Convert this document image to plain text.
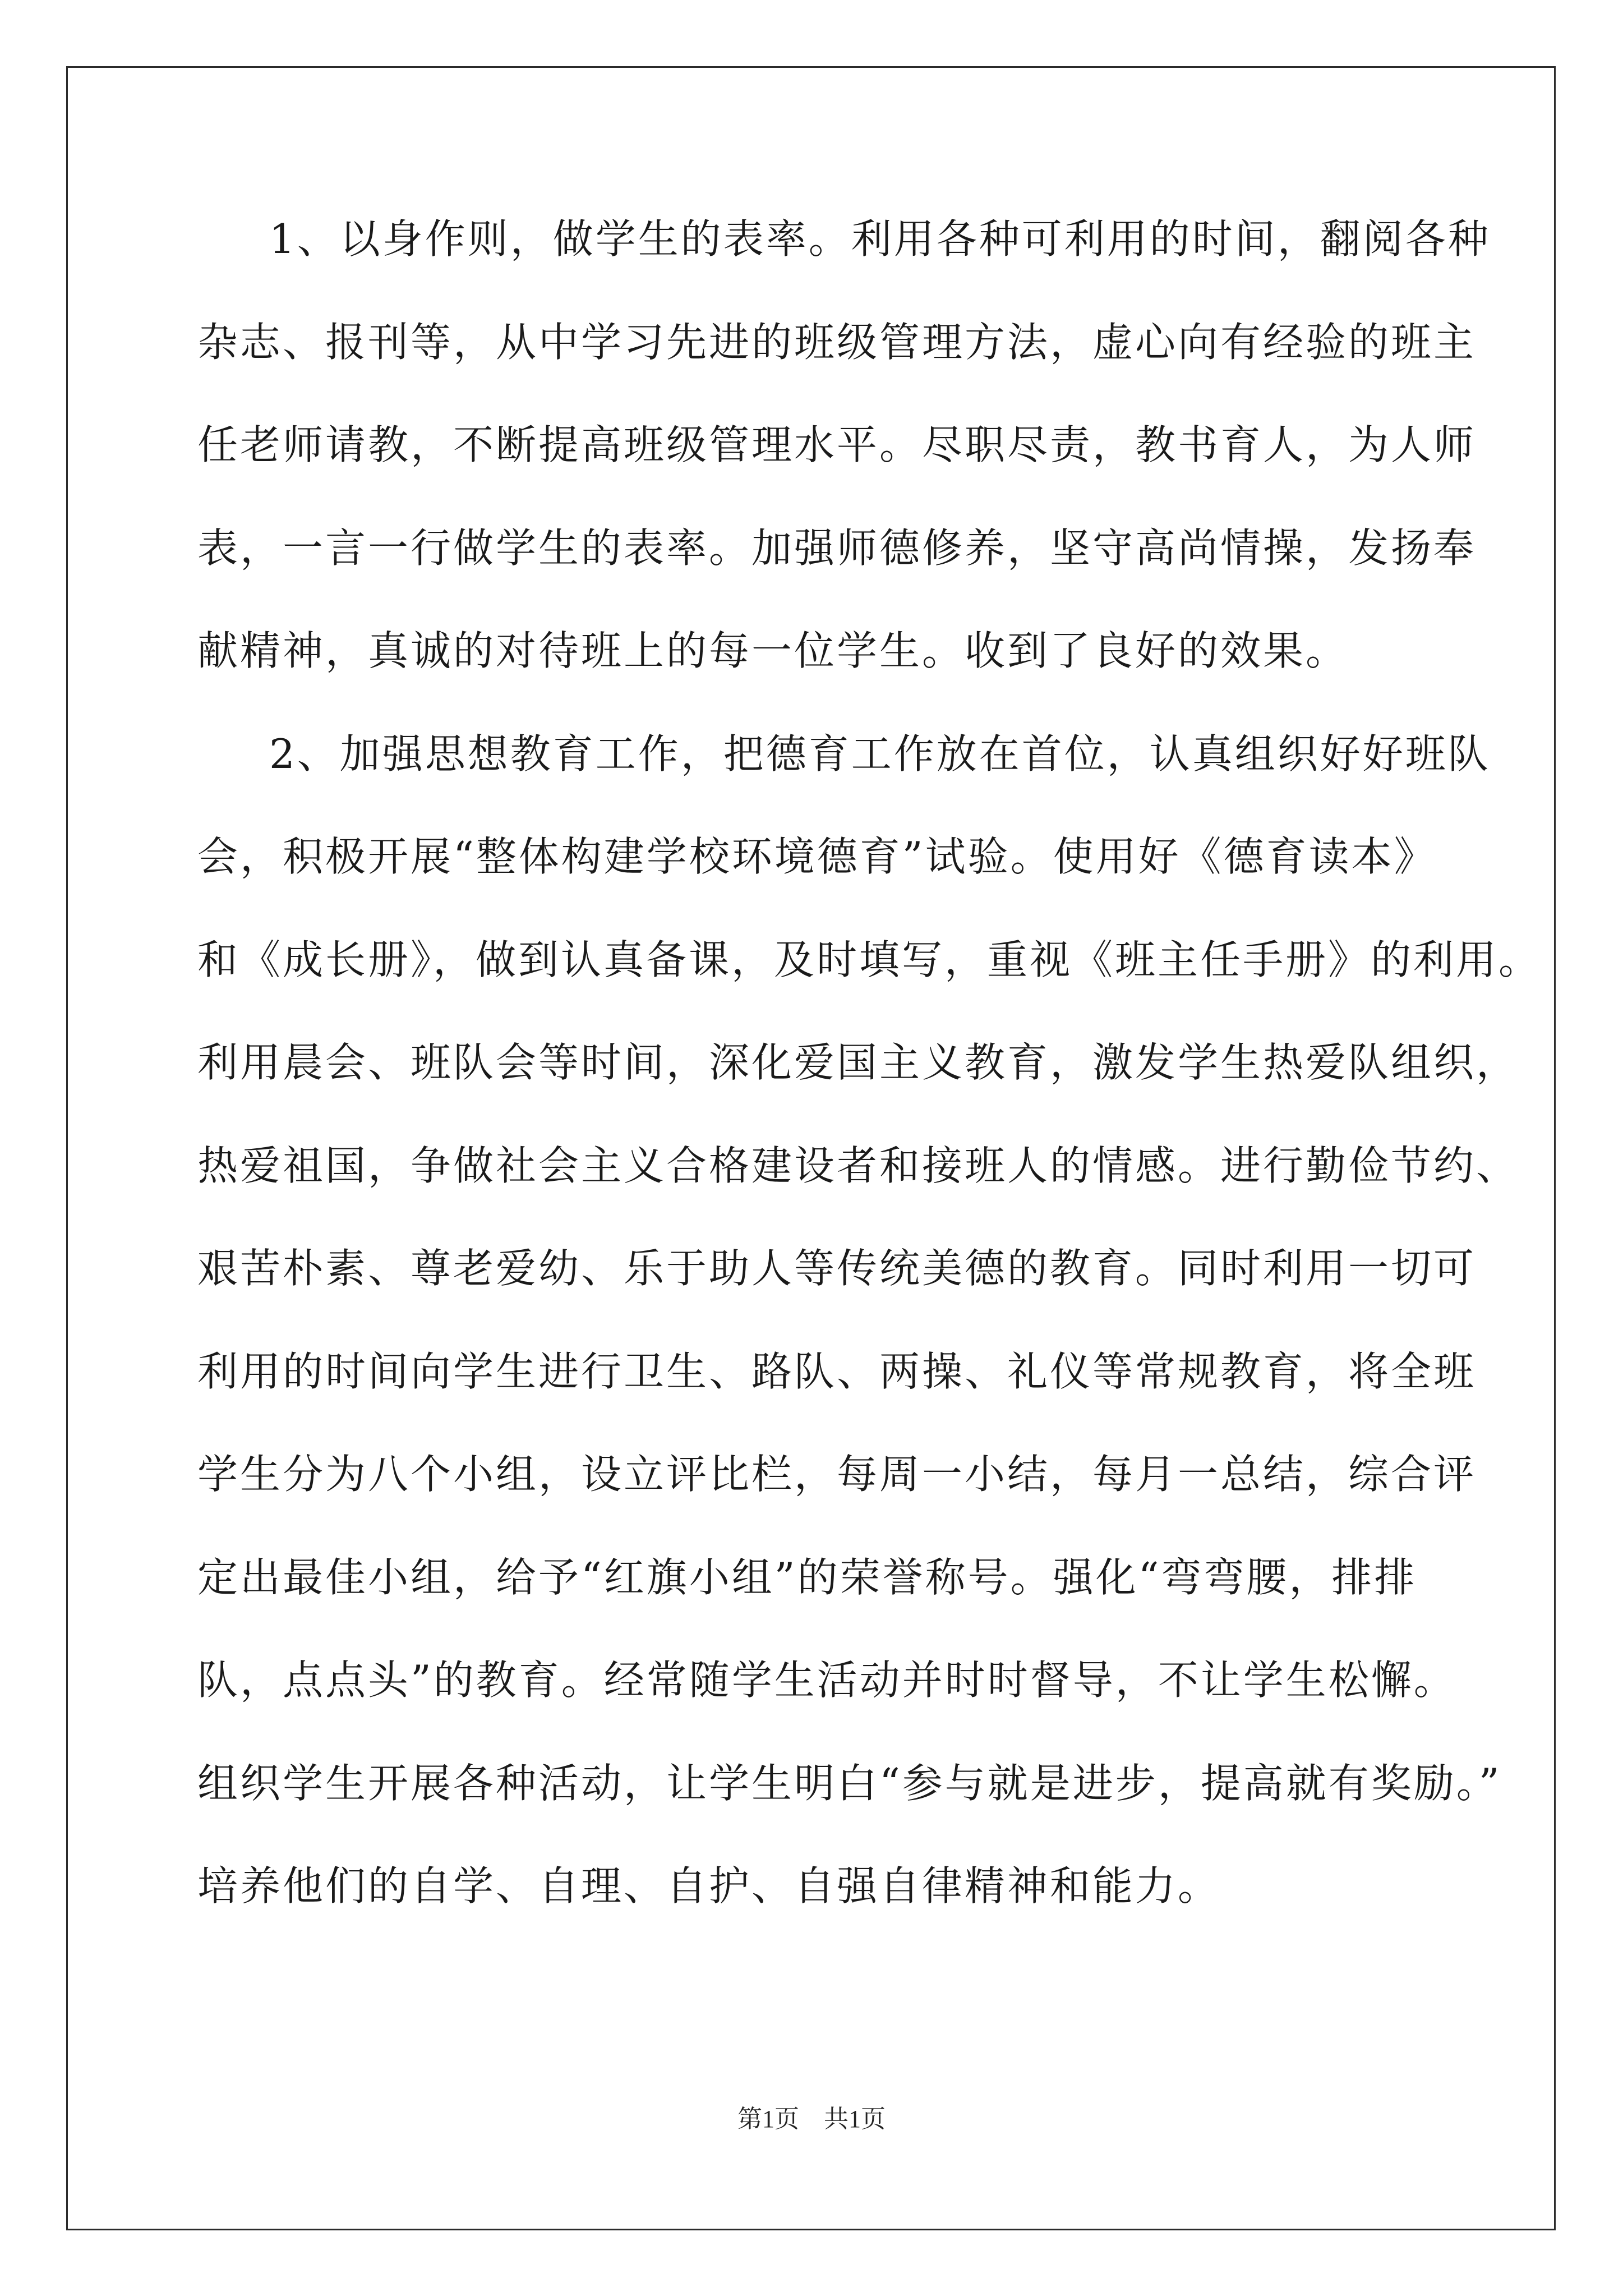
1、以身作则，做学生的表率。利用各种可利用的时间，翻阅各种
杂志、报刊等，从中学习先进的班级管理方法，虚心向有经验的班主
任老师请教，不断提高班级管理水平。尽职尽责，教书育人，为人师
表，一言一行做学生的表率。加强师德修养，坚守高尚情操，发扬奉
献精神，真诚的对待班上的每一位学生。收到了良好的效果。
2、加强思想教育工作，把德育工作放在首位，认真组织好好班队
会，积极开展“整体构建学校环境德育”试验。使用好《德育读本》
和《成长册》，做到认真备课，及时填写，重视《班主任手册》的利用。
利用晨会、班队会等时间，深化爱国主义教育，激发学生热爱队组织，
热爱祖国，争做社会主义合格建设者和接班人的情感。进行勤俭节约、
艰苦朴素、尊老爱幼、乐于助人等传统美德的教育。同时利用一切可
利用的时间向学生进行卫生、路队、两操、礼仪等常规教育，将全班
学生分为八个小组，设立评比栏，每周一小结，每月一总结，综合评
定出最佳小组，给予“红旗小组”的荣誉称号。强化“弯弯腰，排排
队，点点头”的教育。经常随学生活动并时时督导，不让学生松懈。
组织学生开展各种活动，让学生明白“参与就是进步，提高就有奖励。”
培养他们的自学、自理、自护、自强自律精神和能力。
第1页 共1页
